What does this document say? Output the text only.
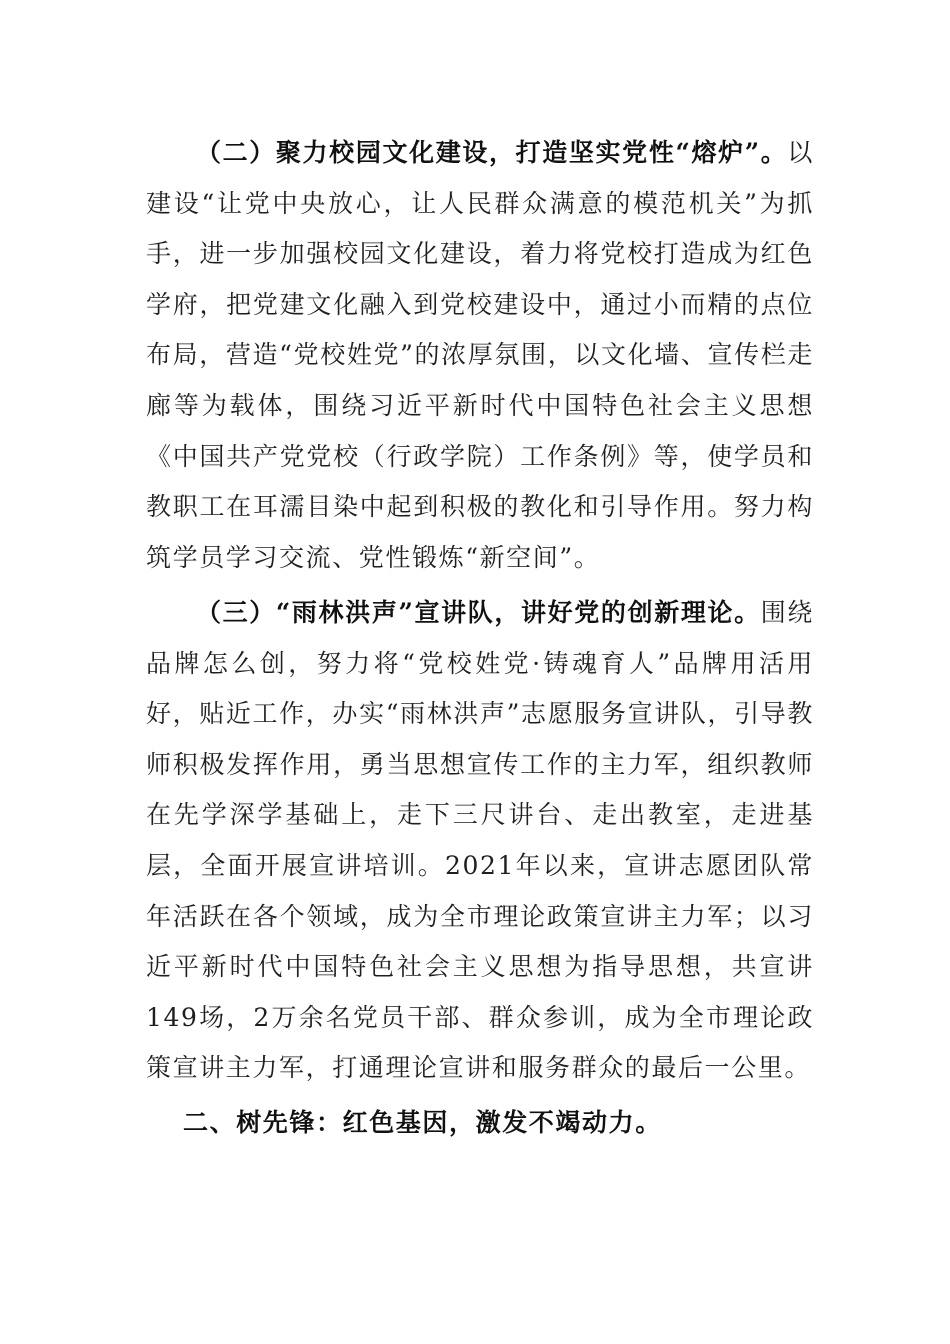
（二）聚力校园文化建设，打造坚实党性“熔炉”。以建设“让党中央放心，让人民群众满意的模范机关”为抓手，进一步加强校园文化建设，着力将党校打造成为红色学府，把党建文化融入到党校建设中，通过小而精的点位布局，营造“党校姓党”的浓厚氛围，以文化墙、宣传栏走廊等为载体，围绕习近平新时代中国特色社会主义思想《中国共产党党校（行政学院）工作条例》等，使学员和教职工在耳濡目染中起到积极的教化和引导作用。努力构筑学员学习交流、党性锻炼“新空间”。

（三）“雨林洪声”宣讲队，讲好党的创新理论。围绕品牌怎么创，努力将“党校姓党·铸魂育人”品牌用活用好，贴近工作，办实“雨林洪声”志愿服务宣讲队，引导教师积极发挥作用，勇当思想宣传工作的主力军，组织教师在先学深学基础上，走下三尺讲台、走出教室，走进基层，全面开展宣讲培训。2021年以来，宣讲志愿团队常年活跃在各个领域，成为全市理论政策宣讲主力军；以习近平新时代中国特色社会主义思想为指导思想，共宣讲149场，2万余名党员干部、群众参训，成为全市理论政策宣讲主力军，打通理论宣讲和服务群众的最后一公里。

二、树先锋：红色基因，激发不竭动力。
